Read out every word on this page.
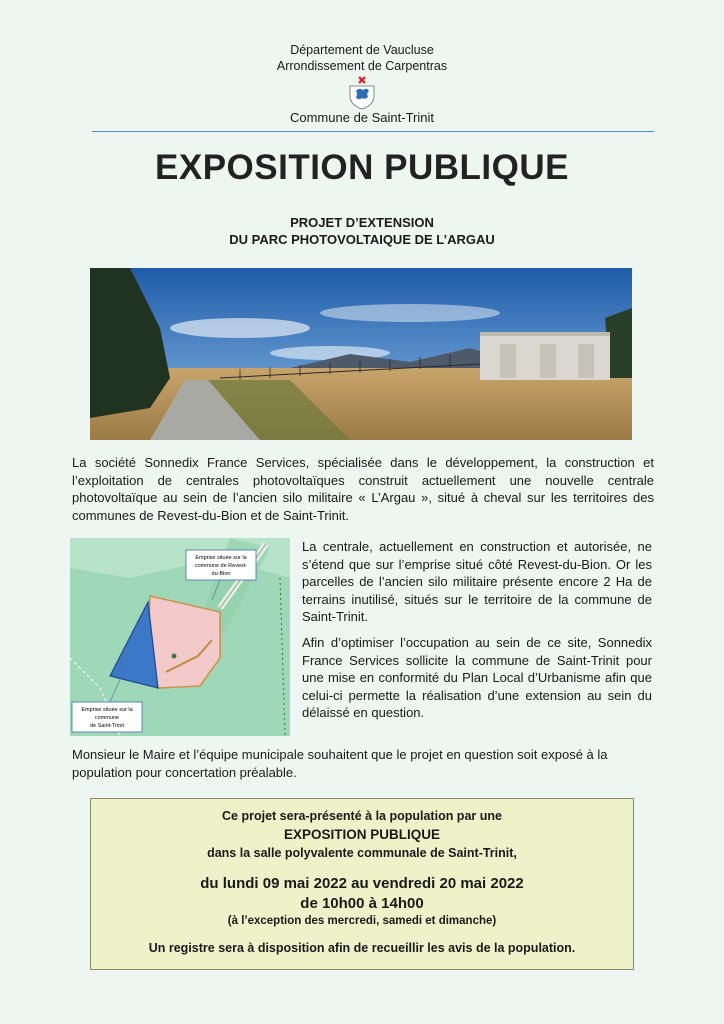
Département de Vaucluse
Arrondissement de Carpentras
Commune de Saint-Trinit
EXPOSITION PUBLIQUE
PROJET D’EXTENSION
DU PARC PHOTOVOLTAIQUE DE L’ARGAU

La société Sonnedix France Services, spécialisée dans le développement, la construction et l’exploitation de centrales photovoltaïques construit actuellement une nouvelle centrale photovoltaïque au sein de l’ancien silo militaire « L’Argau », situé à cheval sur les territoires des communes de Revest-du-Bion et de Saint-Trinit.

Emprise située sur la
commune de Revest-
du-Bion
Emprise située sur la
commune
de Saint-Trinit

La centrale, actuellement en construction et autorisée, ne s’étend que sur l’emprise situé côté Revest-du-Bion. Or les parcelles de l’ancien silo militaire présente encore 2 Ha de terrains inutilisé, situés sur le territoire de la commune de Saint-Trinit.

Afin d’optimiser l’occupation au sein de ce site, Sonnedix France Services sollicite la commune de Saint-Trinit pour une mise en conformité du Plan Local d’Urbanisme afin que celui-ci permette la réalisation d’une extension au sein du délaissé en question.

Monsieur le Maire et l’équipe municipale souhaitent que le projet en question soit exposé à la population pour concertation préalable.

Ce projet sera-présenté à la population par une
EXPOSITION PUBLIQUE
dans la salle polyvalente communale de Saint-Trinit,
du lundi 09 mai 2022 au vendredi 20 mai 2022
de 10h00 à 14h00
(à l’exception des mercredi, samedi et dimanche)
Un registre sera à disposition afin de recueillir les avis de la population.
